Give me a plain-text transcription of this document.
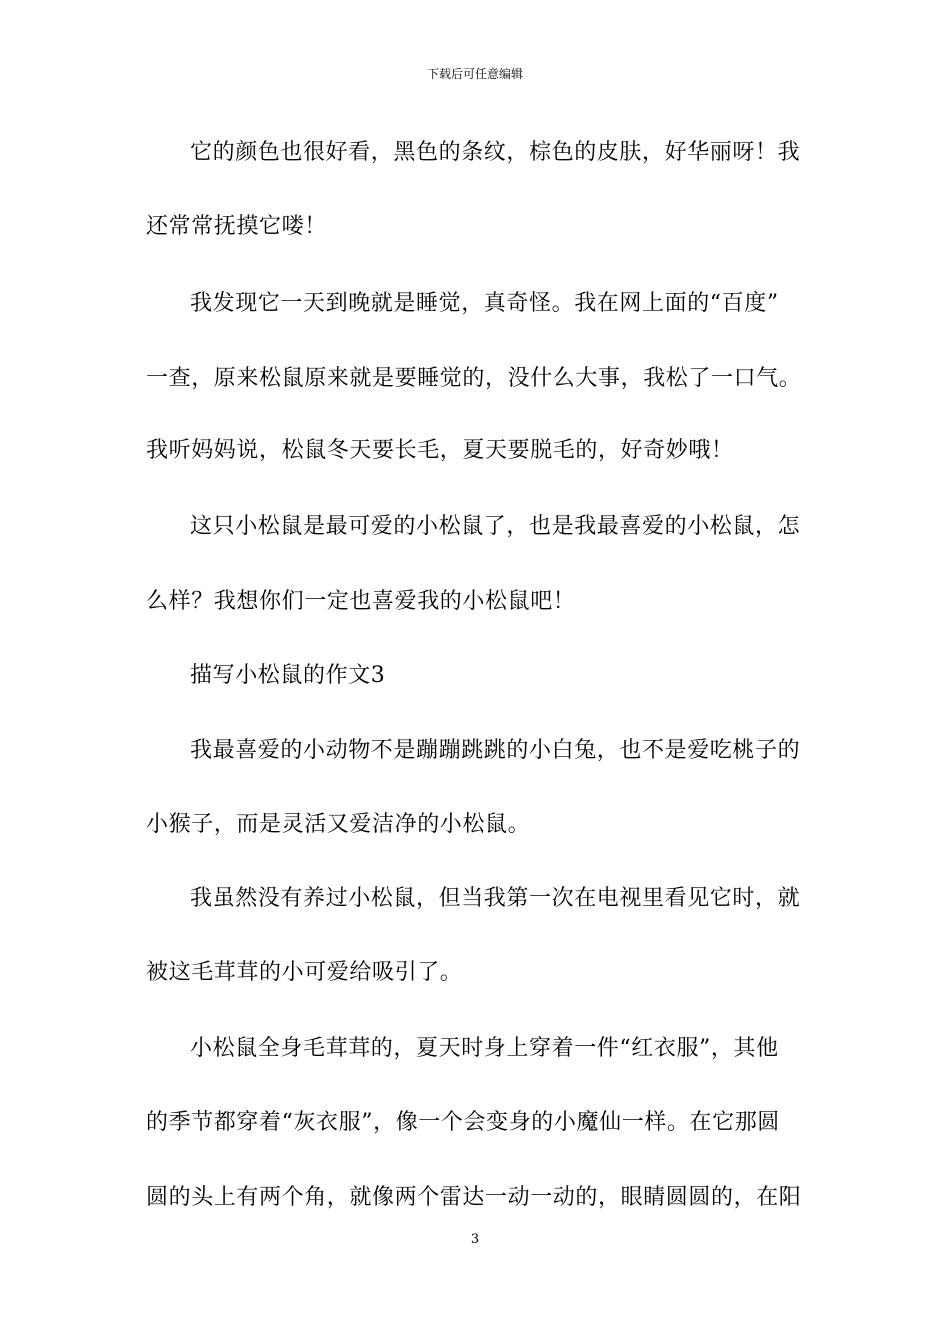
下载后可任意编辑
它的颜色也很好看，黑色的条纹，棕色的皮肤，好华丽呀！我
还常常抚摸它喽！
我发现它一天到晚就是睡觉，真奇怪。我在网上面的“百度”
一查，原来松鼠原来就是要睡觉的，没什么大事，我松了一口气。
我听妈妈说，松鼠冬天要长毛，夏天要脱毛的，好奇妙哦！
这只小松鼠是最可爱的小松鼠了，也是我最喜爱的小松鼠，怎
么样？我想你们一定也喜爱我的小松鼠吧！
描写小松鼠的作文3
我最喜爱的小动物不是蹦蹦跳跳的小白兔，也不是爱吃桃子的
小猴子，而是灵活又爱洁净的小松鼠。
我虽然没有养过小松鼠，但当我第一次在电视里看见它时，就
被这毛茸茸的小可爱给吸引了。
小松鼠全身毛茸茸的，夏天时身上穿着一件“红衣服”，其他
的季节都穿着“灰衣服”，像一个会变身的小魔仙一样。在它那圆
圆的头上有两个角，就像两个雷达一动一动的，眼睛圆圆的，在阳
3
